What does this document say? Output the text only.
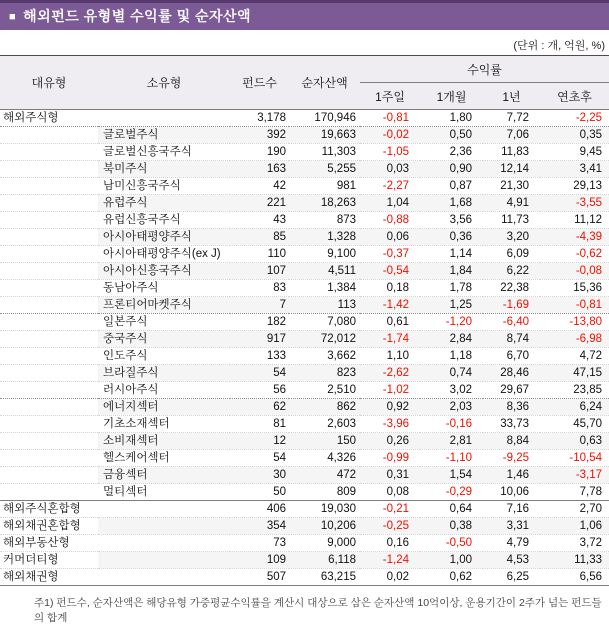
■ 해외펀드 유형별 수익률 및 순자산액
(단위 : 개, 억원, %)
대유형	소유형	펀드수	순자산액	수익률			
				1주일	1개월	1년	연초후
해외주식형		3,178	170,946	-0,81	1,80	7,72	-2,25
	글로벌주식	392	19,663	-0,02	0,50	7,06	0,35
	글로벌신흥국주식	190	11,303	-1,05	2,36	11,83	9,45
	북미주식	163	5,255	0,03	0,90	12,14	3,41
	남미신흥국주식	42	981	-2,27	0,87	21,30	29,13
	유럽주식	221	18,263	1,04	1,68	4,91	-3,55
	유럽신흥국주식	43	873	-0,88	3,56	11,73	11,12
	아시아태평양주식	85	1,328	0,06	0,36	3,20	-4,39
	아시아태평양주식(ex J)	110	9,100	-0,37	1,14	6,09	-0,62
	아시아신흥국주식	107	4,511	-0,54	1,84	6,22	-0,08
	동남아주식	83	1,384	0,18	1,78	22,38	15,36
	프론티어마켓주식	7	113	-1,42	1,25	-1,69	-0,81
	일본주식	182	7,080	0,61	-1,20	-6,40	-13,80
	중국주식	917	72,012	-1,74	2,84	8,74	-6,98
	인도주식	133	3,662	1,10	1,18	6,70	4,72
	브라질주식	54	823	-2,62	0,74	28,46	47,15
	러시아주식	56	2,510	-1,02	3,02	29,67	23,85
	에너지섹터	62	862	0,92	2,03	8,36	6,24
	기초소재섹터	81	2,603	-3,96	-0,16	33,73	45,70
	소비재섹터	12	150	0,26	2,81	8,84	0,63
	헬스케어섹터	54	4,326	-0,99	-1,10	-9,25	-10,54
	금융섹터	30	472	0,31	1,54	1,46	-3,17
	멀티섹터	50	809	0,08	-0,29	10,06	7,78
해외주식혼합형		406	19,030	-0,21	0,64	7,16	2,70
해외채권혼합형		354	10,206	-0,25	0,38	3,31	1,06
해외부동산형		73	9,000	0,16	-0,50	4,79	3,72
커머더티형		109	6,118	-1,24	1,00	4,53	11,33
해외채권형		507	63,215	0,02	0,62	6,25	6,56
주1) 펀드수, 순자산액은 해당유형 가중평균수익률을 계산시 대상으로 삼은 순자산액 10억이상, 운용기간이 2주가 넘는 펀드들의 합계
